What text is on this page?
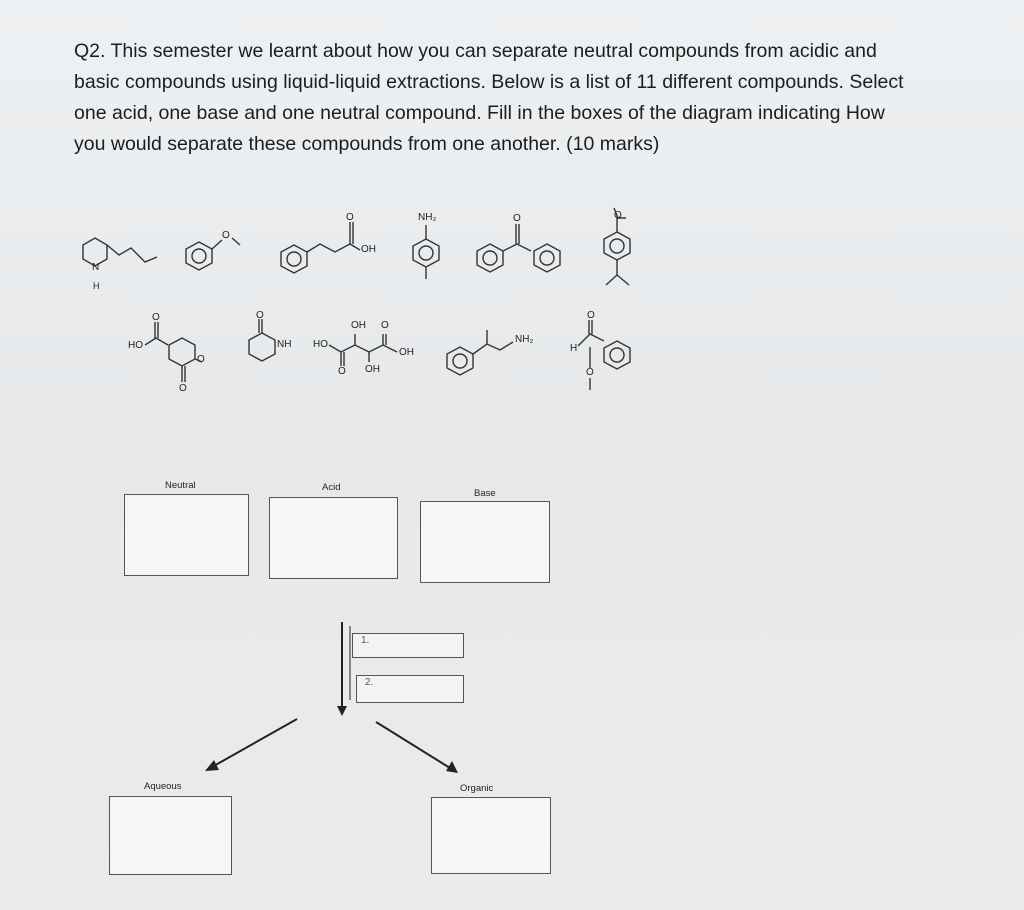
Q2. This semester we learnt about how you can separate neutral compounds from acidic and
basic compounds using liquid-liquid extractions. Below is a list of 11 different compounds. Select
one acid, one base and one neutral compound. Fill in the boxes of the diagram indicating How
you would separate these compounds from one another. (10 marks)
N
H
O
O
OH
NH₂	O	O
O
HO
O
O
O
NH
OH O
HO
OH
O OH
NH₂
O
H
O
Neutral	Acid
Base
1.
2.
Aqueous	Organic
